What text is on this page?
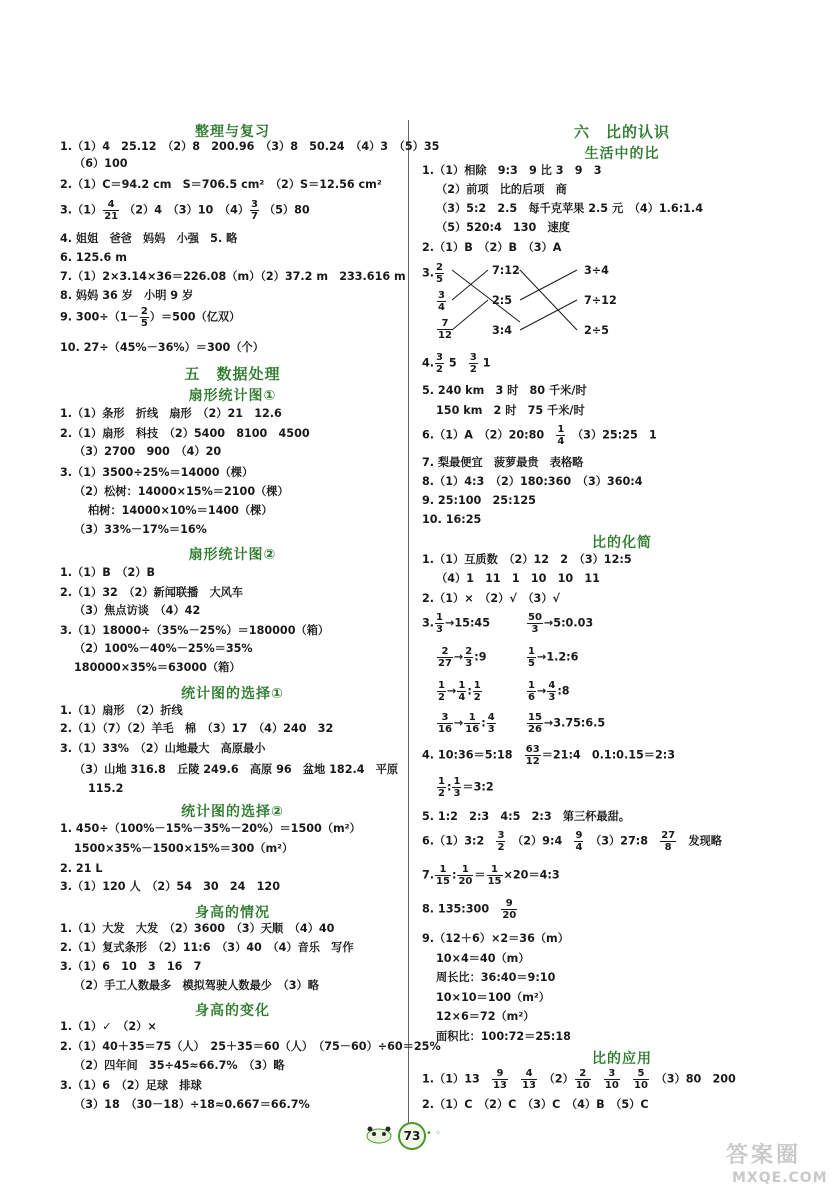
整理与复习
1.（1）4　25.12　（2）8　200.96　（3）8　50.24　（4）3　（5）35
（6）100
2.（1）C＝94.2 cm　S＝706.5 cm²　（2）S＝12.56 cm²
$3.(1) \frac{4}{21} (2)4$　（3）10　$(4) \frac{3}{7} (5)80$
4. 姐姐　爸爸　妈妈　小强　5. 略
6. 125.6 m
7.（1）2×3.14×36＝226.08（m）（2）37.2 m　233.616 m
8. 妈妈 36 岁　小明 9 岁
9. $300\div(1- \frac{2}{5} )=500$（亿双）
10. 27÷（45%－36%）＝300（个）
五　数据处理
扇形统计图①
1.（1）条形　折线　扇形　（2）21　12.6
2.（1）扇形　科技　（2）5400　8100　4500
（3）2700　900　（4）20
3.（1）3500÷25%＝14000（棵）
（2）松树：14000×15%＝2100（棵）
柏树：14000×10%＝1400（棵）
（3）33%－17%＝16%
扇形统计图②
1.（1）B　（2）B
2.（1）32　（2）新闻联播　大风车
（3）焦点访谈　（4）42
3.（1）18000÷（35%－25%）＝180000（箱）
（2）100%－40%－25%＝35%
180000×35%＝63000（箱）
统计图的选择①
1.（1）扇形　（2）折线
2.（1）（7）（2）羊毛　棉　（3）17　（4）240　32
3.（1）33%　（2）山地最大　高原最小
（3）山地 316.8　丘陵 249.6　高原 96　盆地 182.4　平原
115.2
统计图的选择②
1. 450÷（100%－15%－35%－20%）＝1500（m²）
1500×35%－1500×15%＝300（m²）
2. 21 L
3.（1）120 人　（2）54　30　24　120
身高的情况
1.（1）大发　大发　（2）3600　（3）天顺　（4）40
2.（1）复式条形　（2）11:6　（3）40　（4）音乐　写作
3.（1）6　10　3　16　7
（2）手工人数最多　模拟驾驶人数最少　（3）略
身高的变化
1.（1）✓　（2）×
2.（1）40＋35＝75（人）　25＋35＝60（人）　（75－60）÷60＝25%
（2）四年间　35÷45≈66.7%　（3）略
3.（1）6　（2）足球　排球
（3）18　（30－18）÷18≈0.667＝66.7%
六　比的认识
生活中的比
1.（1）相除　9:3　9 比 3　9　3
（2）前项　比的后项　商
（3）5:2　2.5　每千克苹果 2.5 元　（4）1.6:1.4
（5）520:4　130　速度
2.（1）B　（2）B　（3）A
3. $\frac{2}{5}$
$\frac{3}{4}$
$\frac{7}{12}$
7:12
2:5
3:4
3÷4
7÷12
2÷5
4. $\frac{3}{2} 5$　 $\frac{3}{2} 1$
5. 240 km　3 时　80 千米/时
150 km　2 时　75 千米/时
6.（1）A　（2）20:80　 $\frac{1}{4}$
　 （3）25:25　1
7. 梨最便宜　菠萝最贵　表格略
8.（1）4:3　（2）180:360　（3）360:4
9. 25:100　25:125
10. 16:25
比的化简
1.（1）互质数　（2）12　2　（3）12:5
（4）1　11　1　10　10　11
2.（1）×　（2）√　（3）√
3. $\frac{1}{3}$ →15:45	$\frac{50}{3}$ →5:0.03
$\frac{2}{27} \to \frac{2}{3}$ :9	$\frac{1}{5}$ →1.2:6
$\frac{1}{2} \to \frac{1}{4}$ : $\frac{1}{2}$	$\frac{1}{6} \to \frac{4}{3}$ :8
$\frac{3}{16} \to \frac{1}{16}$ : $\frac{4}{3}$	$\frac{15}{26}$ →3.75:6.5
4. 10:36＝5:18　 $\frac{63}{12}$ ＝21:4　0.1:0.15＝2:3
$\frac{1}{2}$ : $\frac{1}{3}$ ＝3:2
5. 1:2　2:3　4:5　2:3　第三杯最甜。
6.（1）3:2　 $\frac{3}{2}$
　 （2）9:4　 $\frac{9}{4}$
　 （3）27:8　 $\frac{27}{8}$
　 发现略
7. $\frac{1}{15}$ : $\frac{1}{20} = \frac{1}{15}$ ×20＝4:3
8. 135:300　 $\frac{9}{20}$
9.（12＋6）×2＝36（m）
10×4＝40（m）
周长比：36:40＝9:10
10×10＝100（m²）
12×6＝72（m²）
面积比：100:72＝25:18
比的应用
1.（1）13　 $\frac{9}{13}$
　 $\frac{4}{13}$
　 $(2) \frac{2}{10}$
　 $\frac{3}{10}$
　 $\frac{5}{10}$
　 （3）80　200
2.（1）C　（2）C　（3）C　（4）B　（5）C
73 • ◦
答案圈
MXQE.COM
